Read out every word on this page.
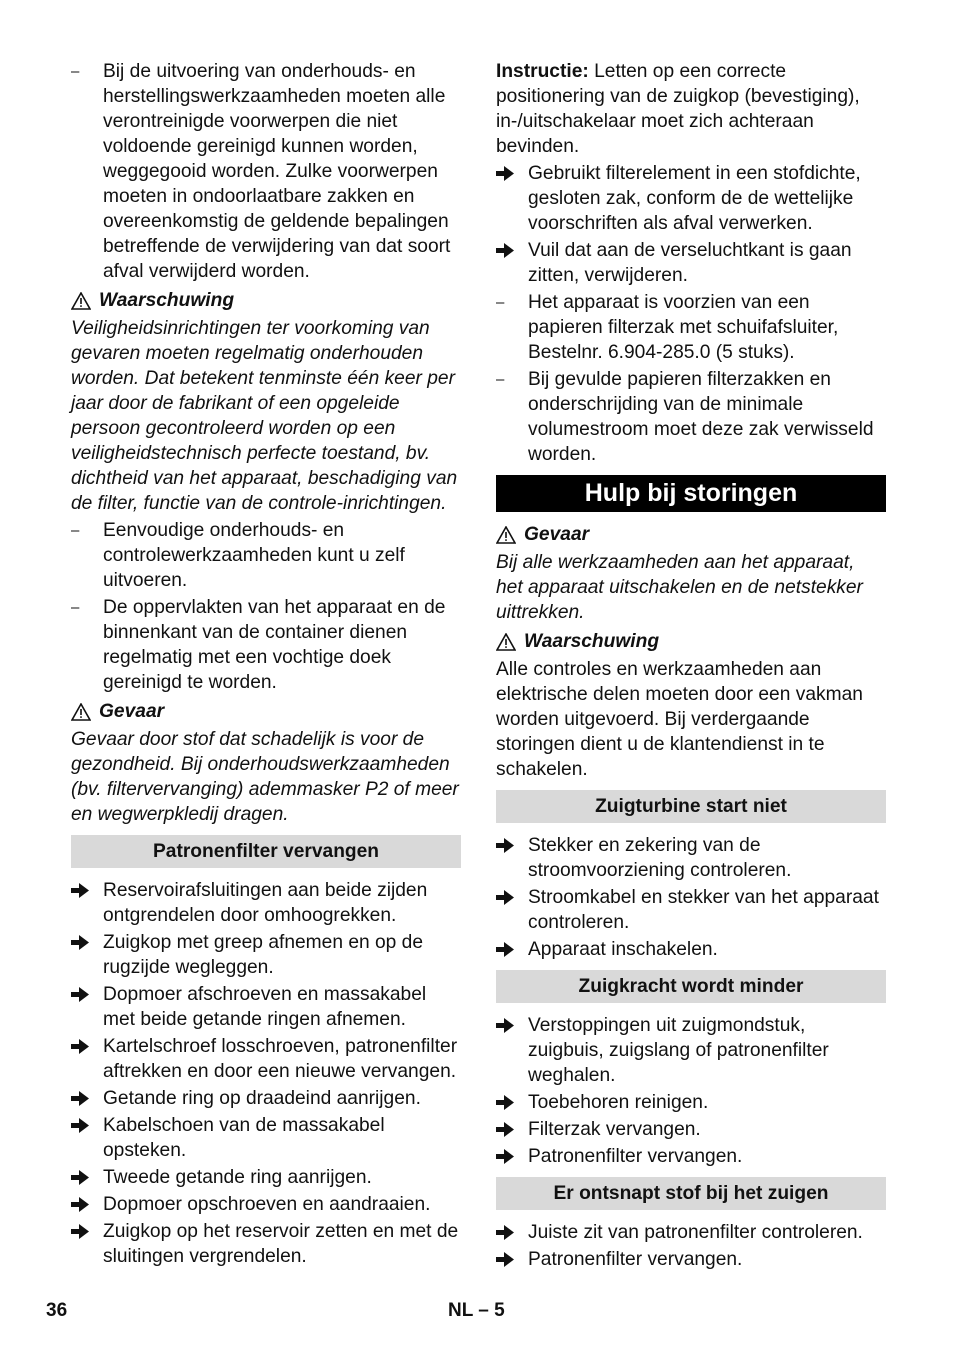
–	Bij de uitvoering van onderhouds- en herstellingswerkzaamheden moeten alle verontreinigde voorwerpen die niet voldoende gereinigd kunnen worden, weggegooid worden. Zulke voorwerpen moeten in ondoorlaatbare zakken en overeenkomstig de geldende bepalingen betreffende de verwijdering van dat soort afval verwijderd worden.

Waarschuwing

Veiligheidsinrichtingen ter voorkoming van gevaren moeten regelmatig onderhouden worden. Dat betekent tenminste één keer per jaar door de fabrikant of een opgeleide persoon gecontroleerd worden op een veiligheidstechnisch perfecte toestand, bv. dichtheid van het apparaat, beschadiging van de filter, functie van de controle-inrichtingen.

–	Eenvoudige onderhouds- en controlewerkzaamheden kunt u zelf uitvoeren.

–	De oppervlakten van het apparaat en de binnenkant van de container dienen regelmatig met een vochtige doek gereinigd te worden.

Gevaar

Gevaar door stof dat schadelijk is voor de gezondheid. Bij onderhoudswerkzaamheden (bv. filtervervanging) ademmasker P2 of meer en wegwerpkledij dragen.

Patronenfilter vervangen

Reservoirafsluitingen aan beide zijden ontgrendelen door omhoogrekken.

Zuigkop met greep afnemen en op de rugzijde wegleggen.

Dopmoer afschroeven en massakabel met beide getande ringen afnemen.

Kartelschroef losschroeven, patronenfilter aftrekken en door een nieuwe vervangen.

Getande ring op draadeind aanrijgen.

Kabelschoen van de massakabel opsteken.

Tweede getande ring aanrijgen.

Dopmoer opschroeven en aandraaien.

Zuigkop op het reservoir zetten en met de sluitingen vergrendelen.

Instructie: Letten op een correcte positionering van de zuigkop (bevestiging), in-/uitschakelaar moet zich achteraan bevinden.

Gebruikt filterelement in een stofdichte, gesloten zak, conform de de wettelijke voorschriften als afval verwerken.

Vuil dat aan de verseluchtkant is gaan zitten, verwijderen.

–	Het apparaat is voorzien van een papieren filterzak met schuifafsluiter, Bestelnr. 6.904-285.0 (5 stuks).

–	Bij gevulde papieren filterzakken en onderschrijding van de minimale volumestroom moet deze zak verwisseld worden.

Hulp bij storingen
Gevaar

Bij alle werkzaamheden aan het apparaat, het apparaat uitschakelen en de netstekker uittrekken.

Waarschuwing

Alle controles en werkzaamheden aan elektrische delen moeten door een vakman worden uitgevoerd. Bij verdergaande storingen dient u de klantendienst in te schakelen.

Zuigturbine start niet

Stekker en zekering van de stroomvoorziening controleren.

Stroomkabel en stekker van het apparaat controleren.

Apparaat inschakelen.

Zuigkracht wordt minder

Verstoppingen uit zuigmondstuk, zuigbuis, zuigslang of patronenfilter weghalen.

Toebehoren reinigen.

Filterzak vervangen.

Patronenfilter vervangen.

Er ontsnapt stof bij het zuigen

Juiste zit van patronenfilter controleren.

Patronenfilter vervangen.

36	NL – 5
